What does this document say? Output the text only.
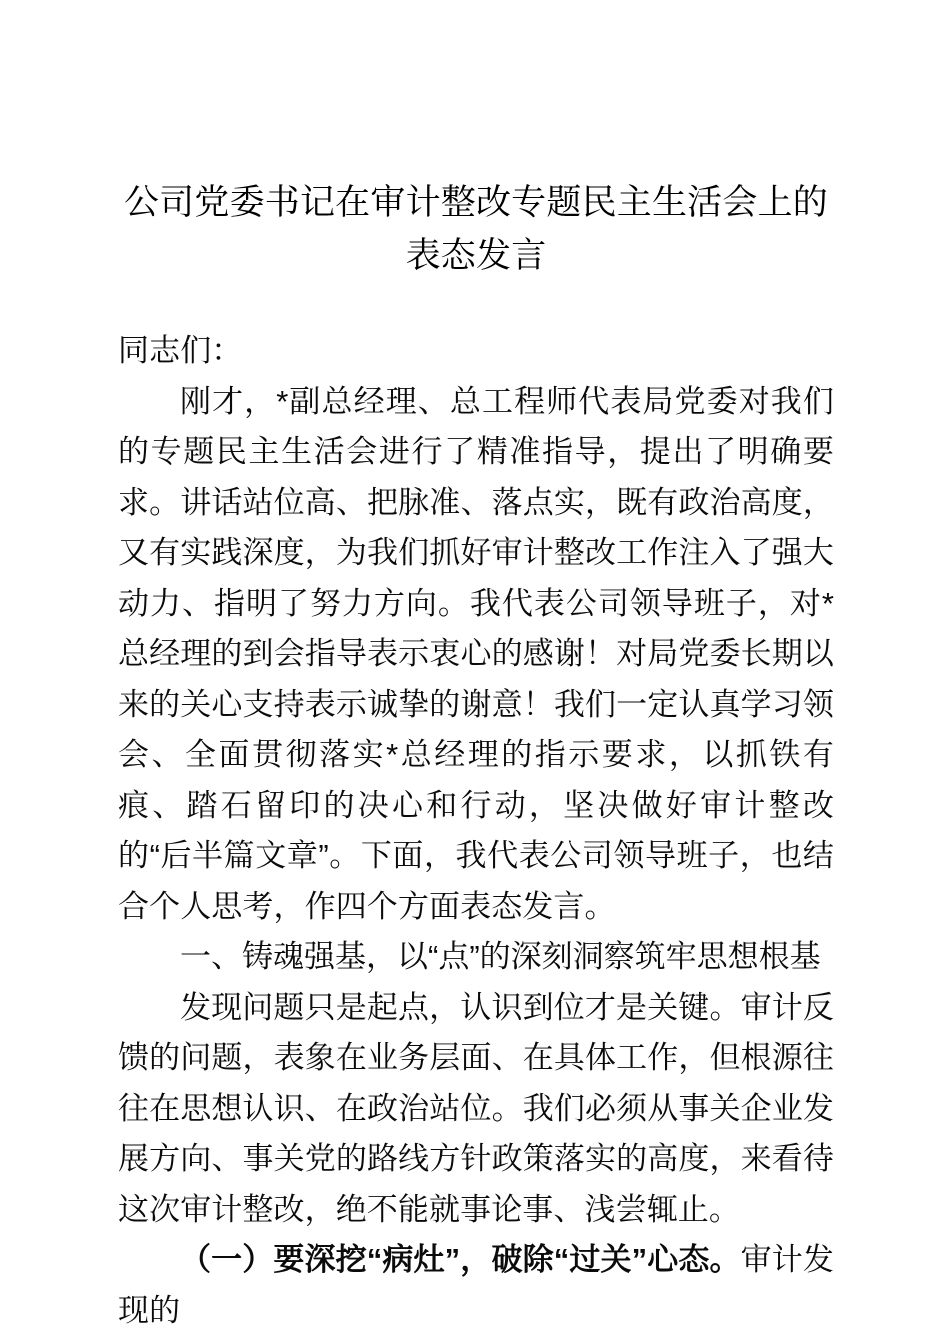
公司党委书记在审计整改专题民主生活会上的表态发言

同志们：

刚才，*副总经理、总工程师代表局党委对我们的专题民主生活会进行了精准指导，提出了明确要求。讲话站位高、把脉准、落点实，既有政治高度，又有实践深度，为我们抓好审计整改工作注入了强大动力、指明了努力方向。我代表公司领导班子，对*总经理的到会指导表示衷心的感谢！对局党委长期以来的关心支持表示诚挚的谢意！我们一定认真学习领会、全面贯彻落实*总经理的指示要求，以抓铁有痕、踏石留印的决心和行动，坚决做好审计整改的“后半篇文章”。下面，我代表公司领导班子，也结合个人思考，作四个方面表态发言。

一、铸魂强基，以“点”的深刻洞察筑牢思想根基

发现问题只是起点，认识到位才是关键。审计反馈的问题，表象在业务层面、在具体工作，但根源往往在思想认识、在政治站位。我们必须从事关企业发展方向、事关党的路线方针政策落实的高度，来看待这次审计整改，绝不能就事论事、浅尝辄止。

（一）要深挖“病灶”，破除“过关”心态。审计发现的
